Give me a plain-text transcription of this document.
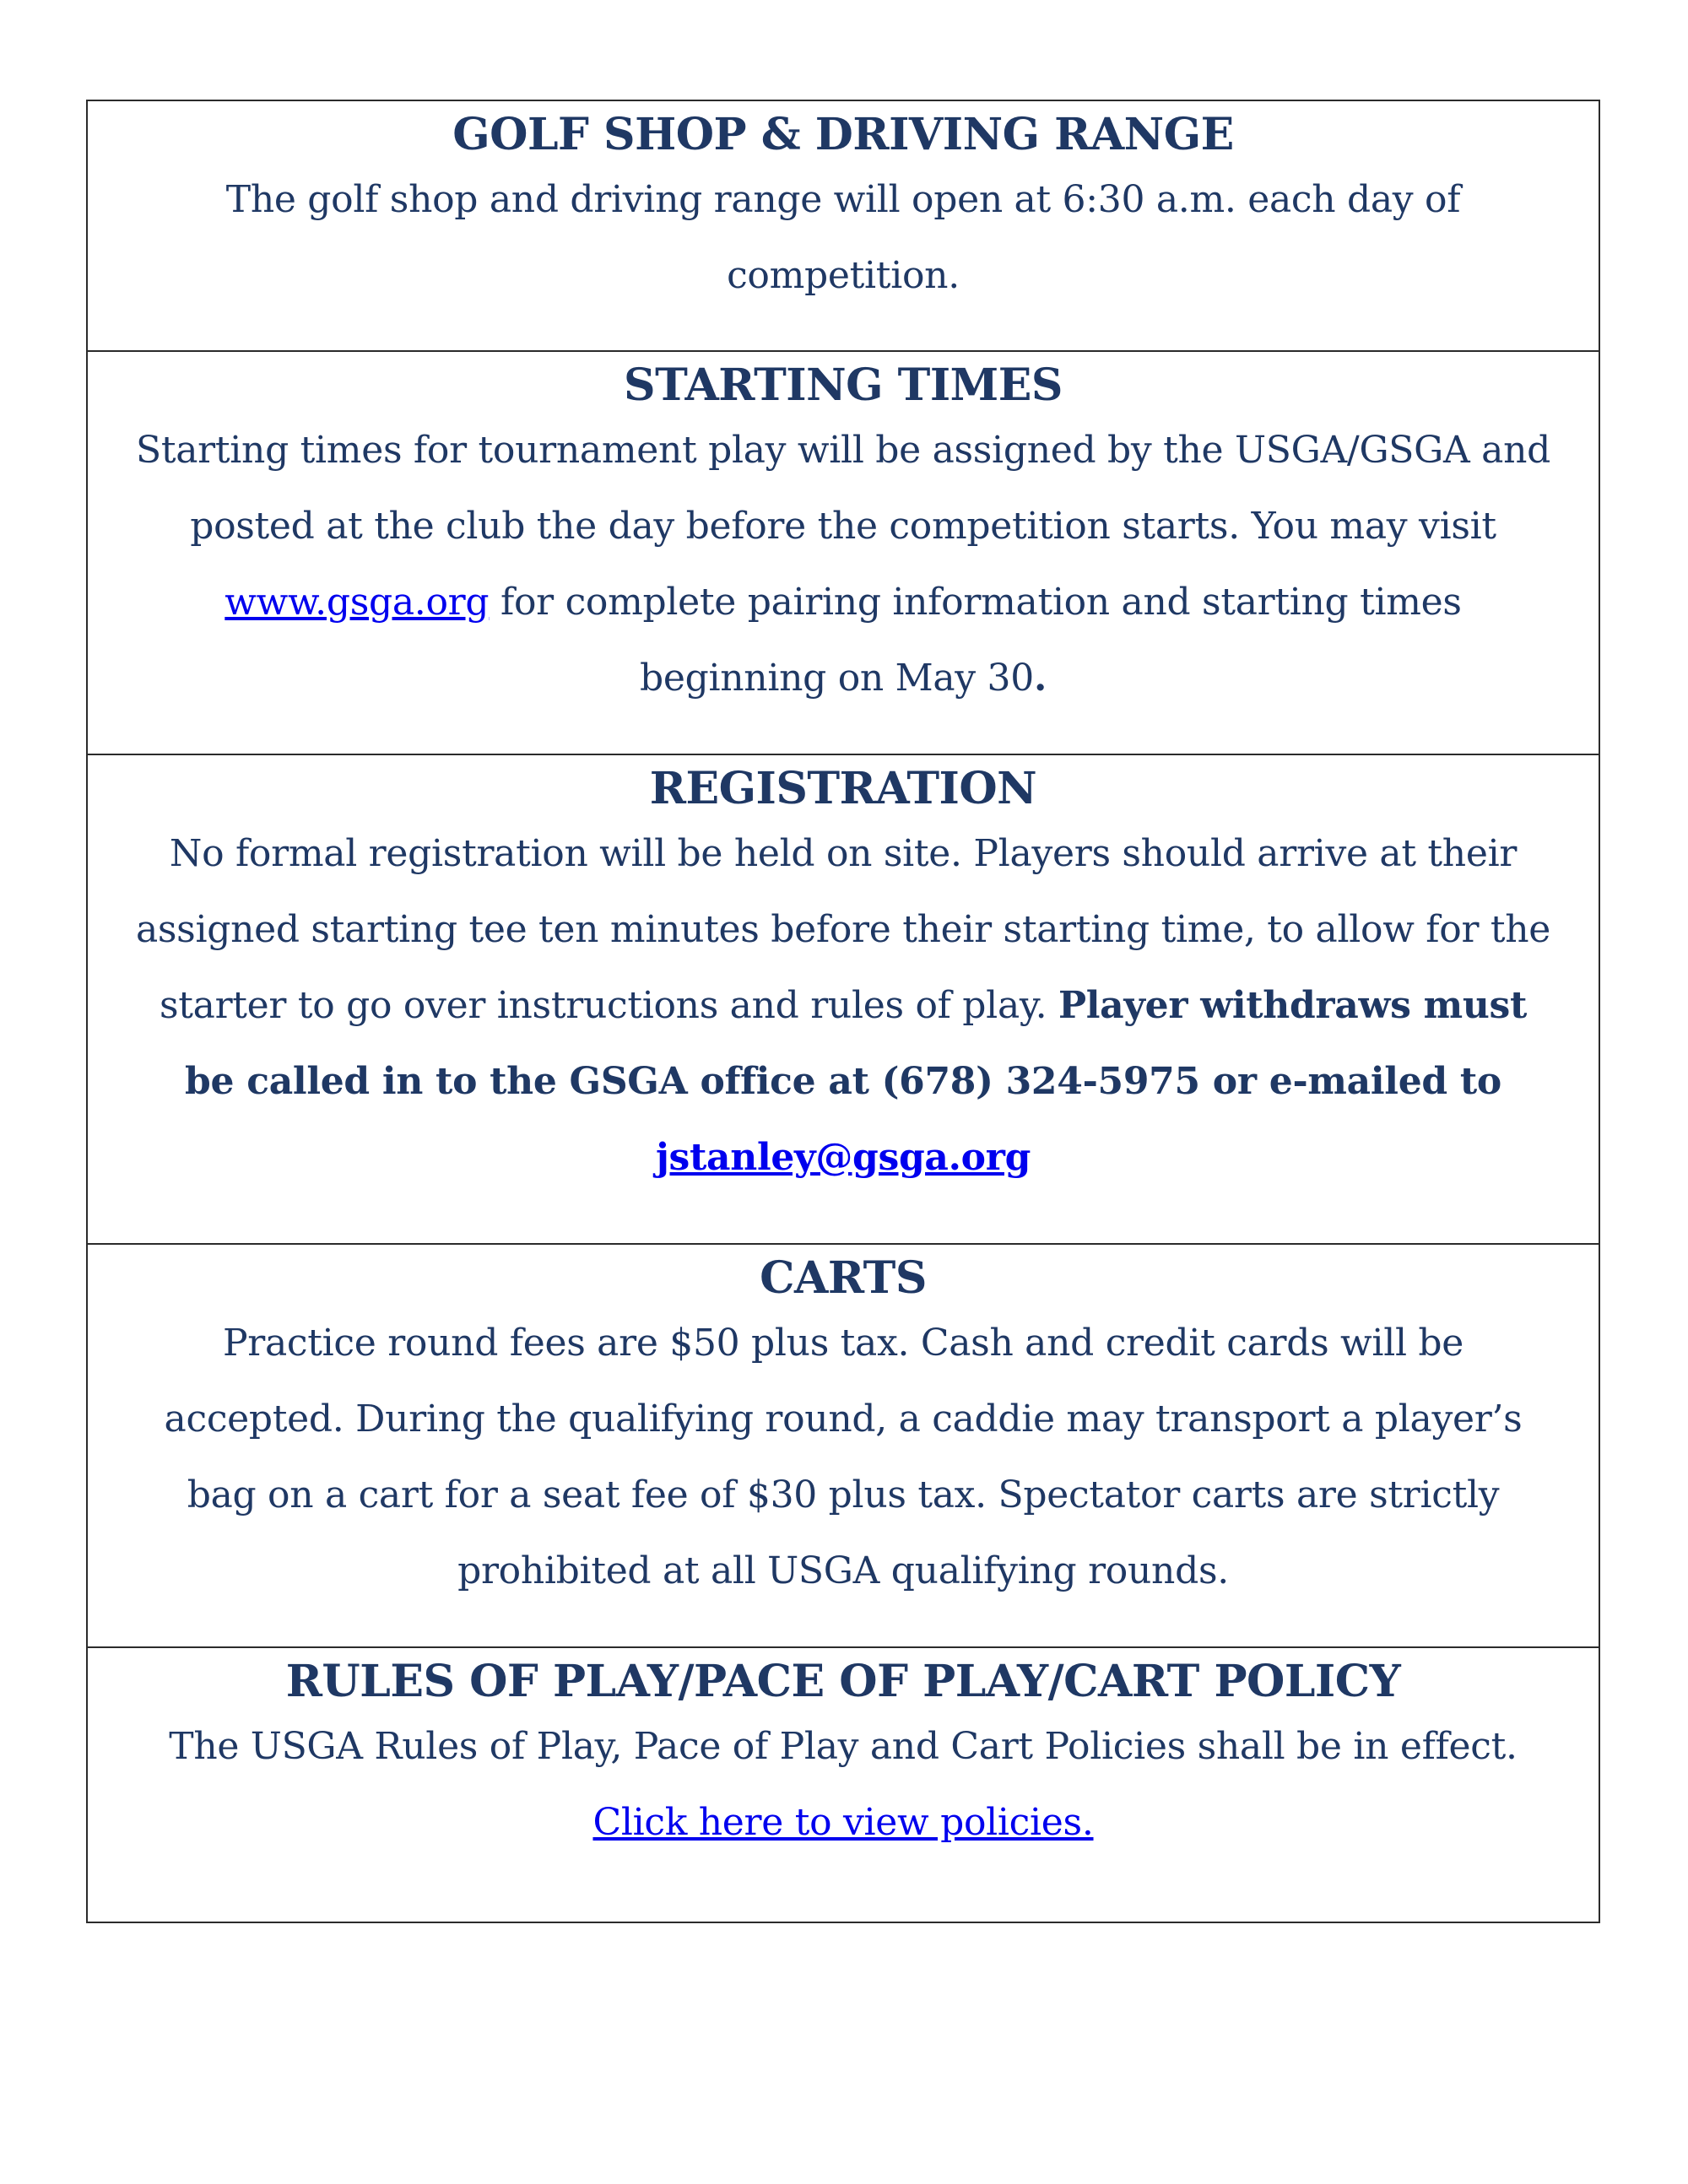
GOLF SHOP & DRIVING RANGE

The golf shop and driving range will open at 6:30 a.m. each day of competition.

STARTING TIMES

Starting times for tournament play will be assigned by the USGA/GSGA and posted at the club the day before the competition starts. You may visit www.gsga.org for complete pairing information and starting times beginning on May 30.

REGISTRATION

No formal registration will be held on site. Players should arrive at their assigned starting tee ten minutes before their starting time, to allow for the starter to go over instructions and rules of play. Player withdraws must be called in to the GSGA office at (678) 324-5975 or e-mailed to jstanley@gsga.org

CARTS

Practice round fees are $50 plus tax. Cash and credit cards will be accepted. During the qualifying round, a caddie may transport a player’s bag on a cart for a seat fee of $30 plus tax. Spectator carts are strictly prohibited at all USGA qualifying rounds.

RULES OF PLAY/PACE OF PLAY/CART POLICY

The USGA Rules of Play, Pace of Play and Cart Policies shall be in effect. Click here to view policies.
